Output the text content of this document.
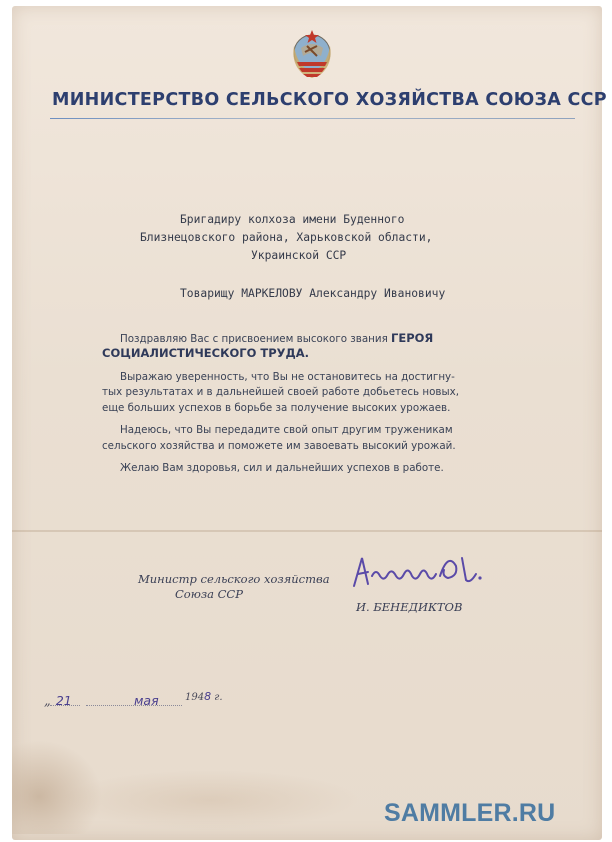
МИНИСТЕРСТВО СЕЛЬСКОГО ХОЗЯЙСТВА СОЮЗА ССР
Бригадиру колхоза имени Буденного
Близнецовского района, Харьковской области,
Украинской ССР
Товарищу МАРКЕЛОВУ Александру Ивановичу
Поздравляю Вас с присвоением высокого звания ГЕРОЯ
СОЦИАЛИСТИЧЕСКОГО ТРУДА.
Выражаю уверенность, что Вы не остановитесь на достигну-
тых результатах и в дальнейшей своей работе добьетесь новых,
еще больших успехов в борьбе за получение высоких урожаев.
Надеюсь, что Вы передадите свой опыт другим труженикам
сельского хозяйства и поможете им завоевать высокий урожай.
Желаю Вам здоровья, сил и дальнейших успехов в работе.
Министр сельского хозяйства
Союза ССР
И. БЕНЕДИКТОВ
„ 21	мая	1948 г.
SAMMLER.RU
